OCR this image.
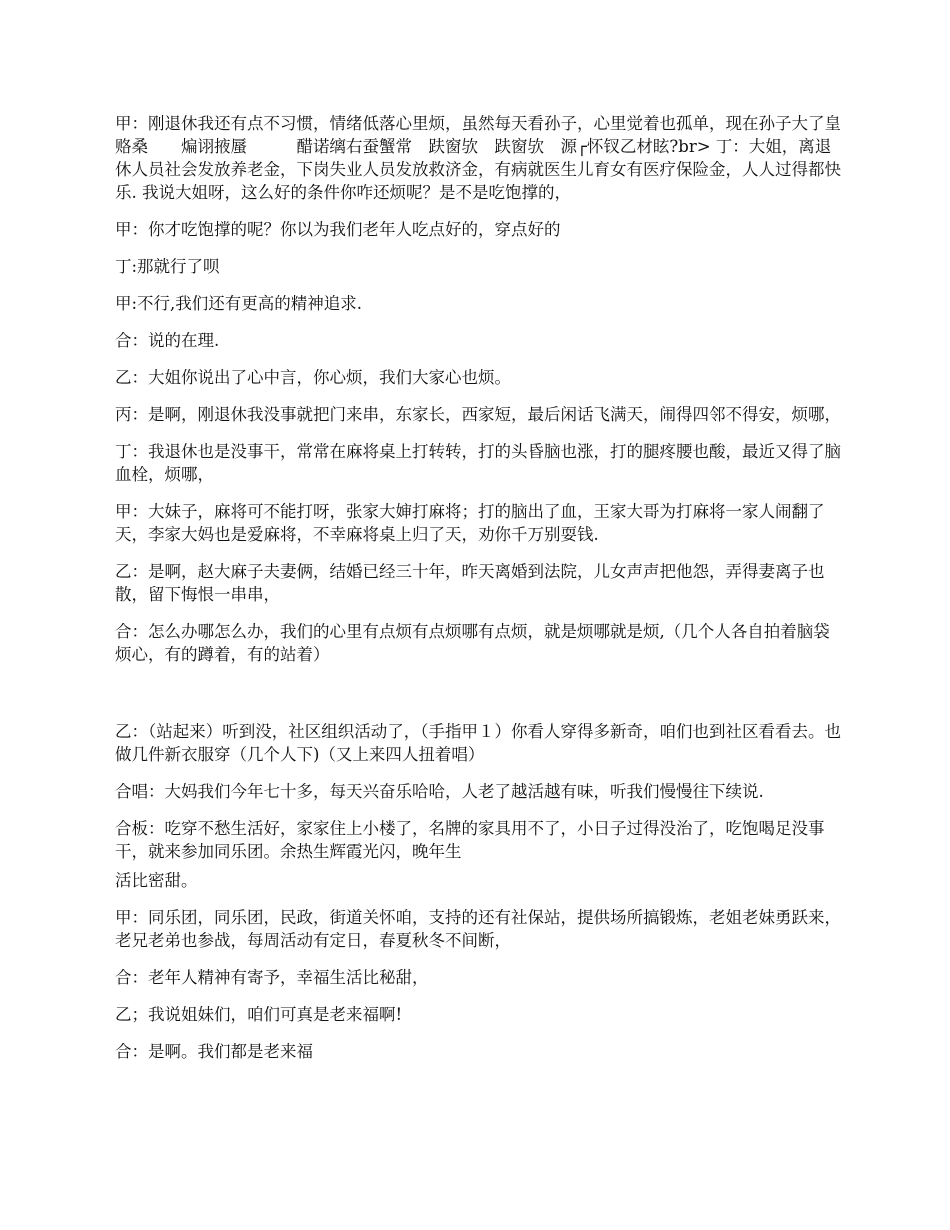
甲：刚退休我还有点不习惯，情绪低落心里烦，虽然每天看孙子，心里觉着也孤单，现在孙子大了皇赂桑　　煸诩掖蜃　　　醋诺缡右蚕蟹常　趺窗欤　趺窗欤　源┌怀钗乙材眩?br> 丁：大姐，离退休人员社会发放养老金，下岗失业人员发放救济金，有病就医生儿育女有医疗保险金，人人过得都快乐. 我说大姐呀，这么好的条件你咋还烦呢？是不是吃饱撑的，

甲：你才吃饱撑的呢？你以为我们老年人吃点好的，穿点好的

丁:那就行了呗

甲:不行,我们还有更高的精神追求.

合：说的在理.

乙：大姐你说出了心中言，你心烦，我们大家心也烦。

丙：是啊，刚退休我没事就把门来串，东家长，西家短，最后闲话飞满天，闹得四邻不得安，烦哪，

丁：我退休也是没事干，常常在麻将桌上打转转，打的头昏脑也涨，打的腿疼腰也酸，最近又得了脑血栓，烦哪，

甲：大妹子，麻将可不能打呀，张家大婶打麻将；打的脑出了血，王家大哥为打麻将一家人闹翻了天，李家大妈也是爱麻将，不幸麻将桌上归了天，劝你千万别耍钱.

乙：是啊，赵大麻子夫妻俩，结婚已经三十年，昨天离婚到法院，儿女声声把他怨，弄得妻离子也散，留下悔恨一串串，

合：怎么办哪怎么办，我们的心里有点烦有点烦哪有点烦，就是烦哪就是烦,（几个人各自拍着脑袋烦心，有的蹲着，有的站着）

乙：（站起来）听到没，社区组织活动了，（手指甲１）你看人穿得多新奇，咱们也到社区看看去。也做几件新衣服穿（几个人下)（又上来四人扭着唱）

合唱：大妈我们今年七十多，每天兴奋乐哈哈，人老了越活越有味，听我们慢慢往下续说.

合板：吃穿不愁生活好，家家住上小楼了，名牌的家具用不了，小日子过得没治了，吃饱喝足没事干，就来参加同乐团。余热生辉霞光闪，晚年生

活比密甜。

甲：同乐团，同乐团，民政，街道关怀咱，支持的还有社保站，提供场所搞锻炼，老姐老妹勇跃来，老兄老弟也参战，每周活动有定日，春夏秋冬不间断，

合：老年人精神有寄予，幸福生活比秘甜，

乙；我说姐妹们，咱们可真是老来福啊!

合：是啊。我们都是老来福
